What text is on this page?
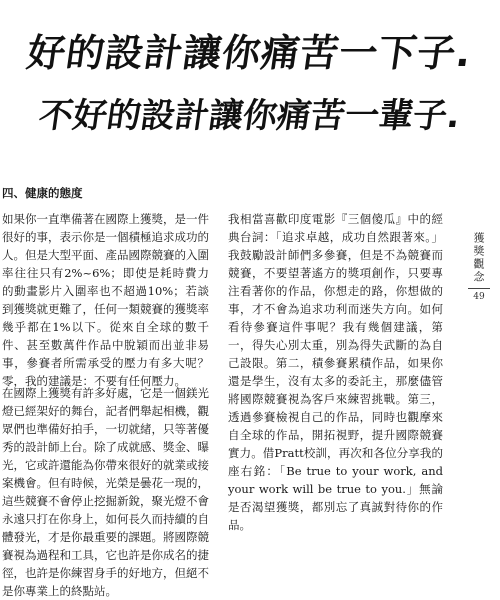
好的設計讓你痛苦一下子.
不好的設計讓你痛苦一輩子.
四、健康的態度

如果你一直準備著在國際上獲獎，是一件很好的事，表示你是一個積極追求成功的人。但是大型平面、產品國際競賽的入圍率往往只有2%~6%；即使是耗時費力的動畫影片入圍率也不超過10%；若談到獲獎就更難了，任何一類競賽的獲獎率幾乎都在1%以下。從來自全球的數千件、甚至數萬件作品中脫穎而出並非易事，參賽者所需承受的壓力有多大呢？零，我的建議是：不要有任何壓力。

在國際上獲獎有許多好處，它是一個鎂光燈已經架好的舞台，記者們舉起相機，觀眾們也準備好拍手，一切就緒，只等著優秀的設計師上台。除了成就感、獎金、曝光，它或許還能為你帶來很好的就業或接案機會。但有時候，光榮是曇花一現的，這些競賽不會停止挖掘新銳，聚光燈不會永遠只打在你身上，如何長久而持續的自體發光，才是你最重要的課題。將國際競賽視為過程和工具，它也許是你成名的捷徑，也許是你練習身手的好地方，但絕不是你專業上的終點站。

我相當喜歡印度電影『三個傻瓜』中的經典台詞：「追求卓越，成功自然跟著來。」我鼓勵設計師們多參賽，但是不為競賽而競賽，不要望著遙方的獎項創作，只要專注看著你的作品，你想走的路，你想做的事，才不會為追求功利而迷失方向。如何看待參賽這件事呢？我有幾個建議，第一，得失心別太重，別為得失武斷的為自己設限。第二，積參賽累積作品，如果你還是學生，沒有太多的委託主，那麼儘管將國際競賽視為客戶來練習挑戰。第三，透過參賽檢視自己的作品，同時也觀摩來自全球的作品，開拓視野，提升國際競賽實力。借Pratt校訓，再次和各位分享我的座右銘：「Be true to your work, and your work will be true to you.」無論是否渴望獲獎，都別忘了真誠對待你的作品。

獲獎觀念
49
